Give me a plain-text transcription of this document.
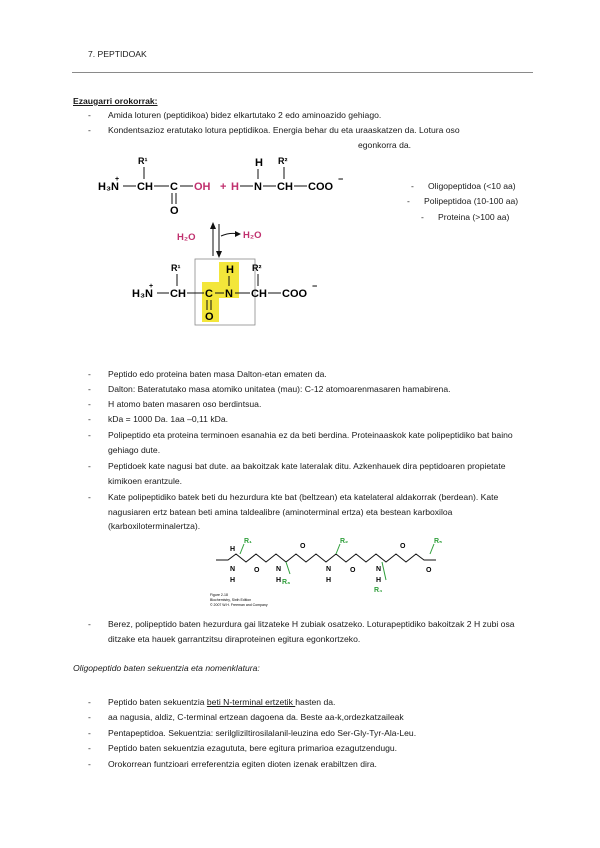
7. PEPTIDOAK
Ezaugarri orokorrak:
- Amida loturen (peptidikoa) bidez elkartutako 2 edo aminoazido gehiago.
- Kondentsazioz eratutako lotura peptidikoa. Energia behar du eta uraaskatzen da. Lotura oso
egonkorra da.
H₃N
+
CH
R¹
C
O
OH + H N
H
CH
R²
COO
−
H₂O	H₂O
H₃N
+
CH
R¹
C
O
N
H
CH
R²
COO
−
- Oligopeptidoa (<10 aa)
- Polipeptidoa (10-100 aa)
- Proteina (>100 aa)
- Peptido edo proteina baten masa Dalton-etan ematen da.
- Dalton: Bateratutako masa atomiko unitatea (mau): C-12 atomoarenmasaren hamabirena.
- H atomo baten masaren oso berdintsua.
- kDa = 1000 Da. 1aa –0,11 kDa.
- Polipeptido eta proteina terminoen esanahia ez da beti berdina. Proteinaaskok kate polipeptidiko bat baino gehiago dute.
- Peptidoek kate nagusi bat dute. aa bakoitzak kate lateralak ditu. Azkenhauek dira peptidoaren propietate kimikoen erantzule.
- Kate polipeptidiko batek beti du hezurdura kte bat (beltzean) eta katelateral aldakorrak (berdean). Kate nagusiaren ertz batean beti amina taldealibre (aminoterminal ertza) eta bestean karboxiloa (karboxiloterminalertza).
H
N
H
O N
H
O
N
H
O	N
H
O
O
R₁	R₂
R₃
R₄
R₅
Figure 2-18
Biochemistry, Sixth Edition
© 2007 W.H. Freeman and Company
- Berez, polipeptido baten hezurdura gai litzateke H zubiak osatzeko. Loturapeptidiko bakoitzak 2 H zubi osa ditzake eta hauek garrantzitsu diraproteinen egitura egonkortzeko.
Oligopeptido baten sekuentzia eta nomenklatura:
- Peptido baten sekuentzia beti N-terminal ertzetik hasten da.
- aa nagusia, aldiz, C-terminal ertzean dagoena da. Beste aa-k,ordezkatzaileak
- Pentapeptidoa. Sekuentzia: serilgliziltirosilalanil-leuzina edo Ser-Gly-Tyr-Ala-Leu.
- Peptido baten sekuentzia ezagututa, bere egitura primarioa ezagutzendugu.
- Orokorrean funtzioari erreferentzia egiten dioten izenak erabiltzen dira.
